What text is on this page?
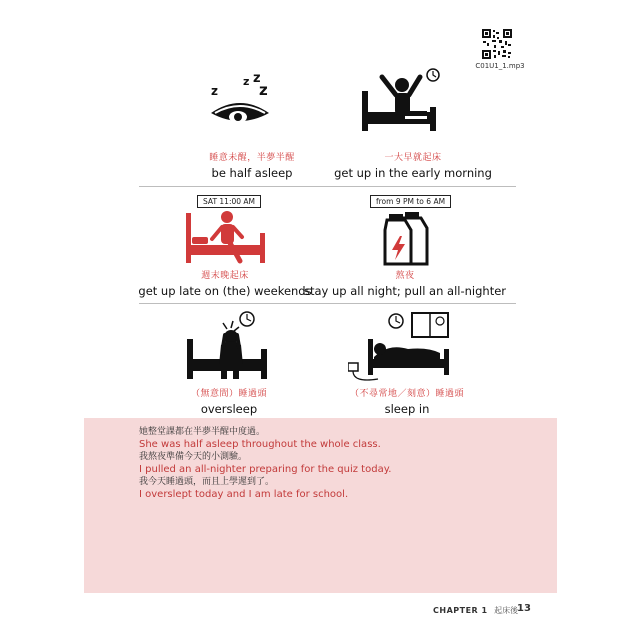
C01U1_1.mp3
z z
z
z
睡意未醒，半夢半醒
be half asleep
一大早就起床
get up in the early morning
SAT 11:00 AM	from 9 PM to 6 AM
週末晚起床
get up late on (the) weekends
熬夜
stay up all night; pull an all-nighter
（無意間）睡過頭
oversleep
（不尋常地／刻意）睡過頭
sleep in
她整堂課都在半夢半醒中度過。
She was half asleep throughout the whole class.
我熬夜準備今天的小測驗。
I pulled an all-nighter preparing for the quiz today.
我今天睡過頭，而且上學遲到了。
I overslept today and I am late for school.
CHAPTER 1 起床後
13
